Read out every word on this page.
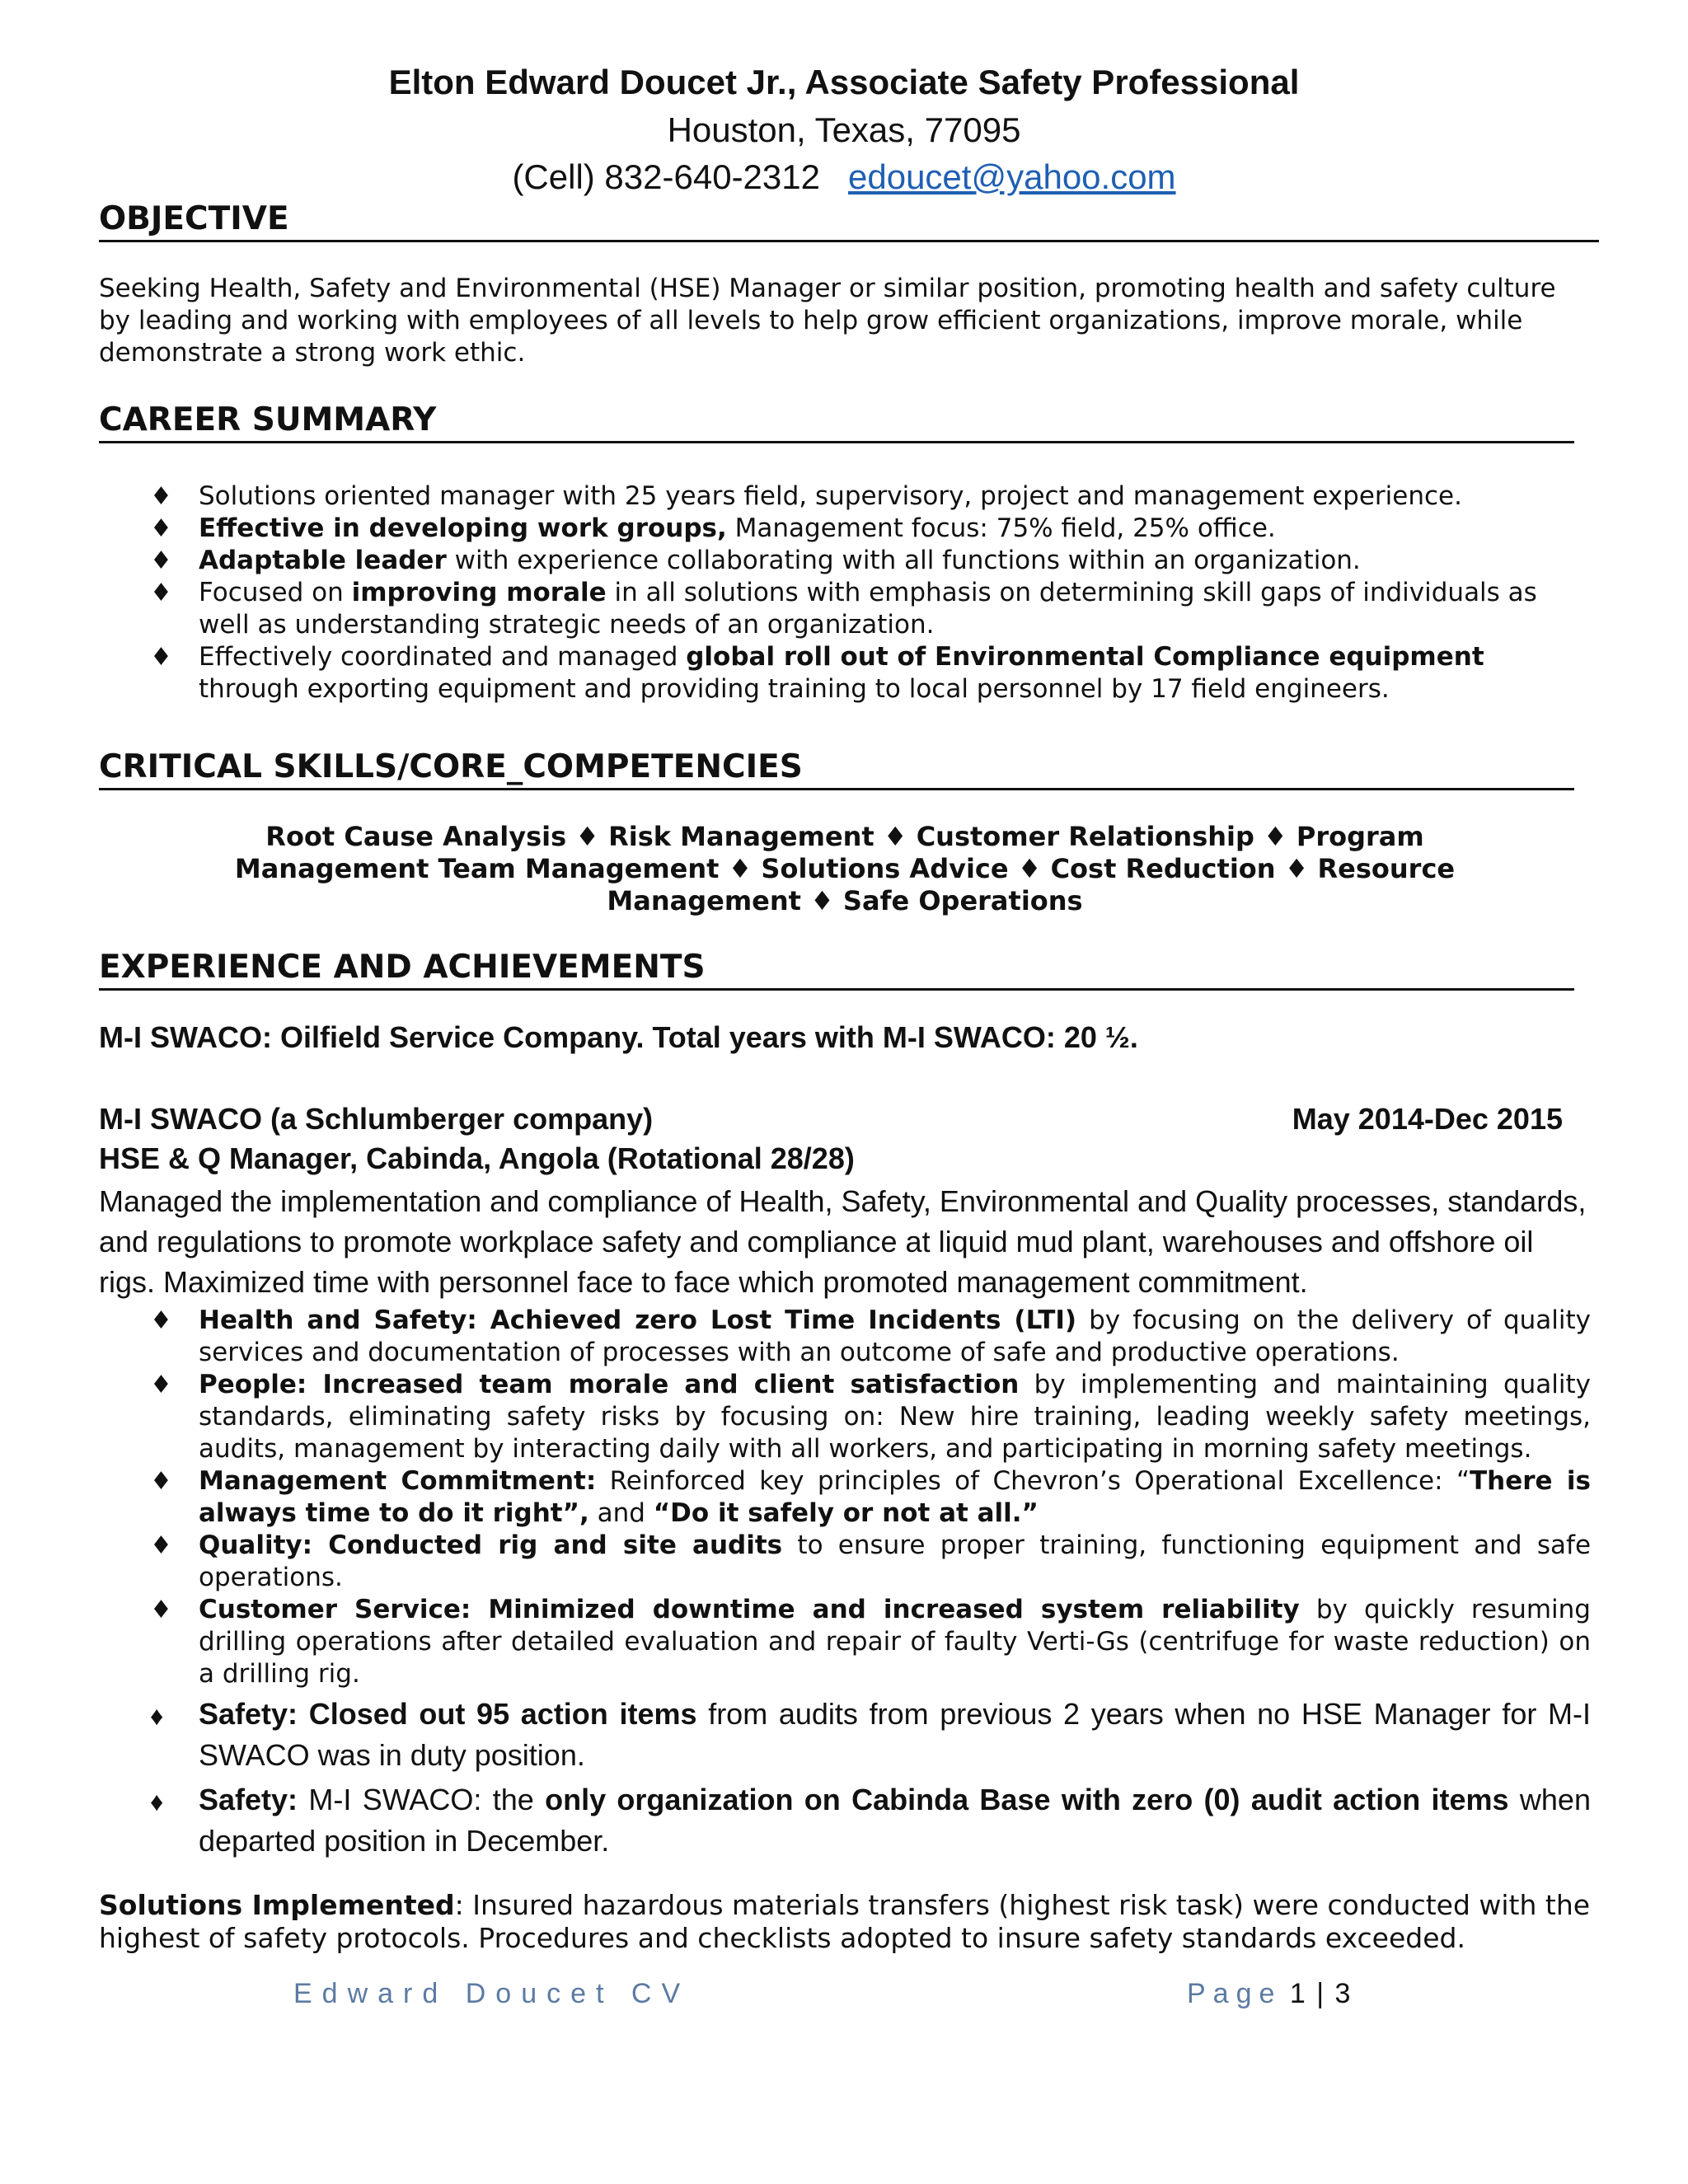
Elton Edward Doucet Jr., Associate Safety Professional
Houston, Texas, 77095
(Cell) 832-640-2312 edoucet@yahoo.com
OBJECTIVE
Seeking Health, Safety and Environmental (HSE) Manager or similar position, promoting health and safety culture by leading and working with employees of all levels to help grow efficient organizations, improve morale, while demonstrate a strong work ethic.
CAREER SUMMARY
♦ Solutions oriented manager with 25 years field, supervisory, project and management experience.
♦ Effective in developing work groups, Management focus: 75% field, 25% office.
♦ Adaptable leader with experience collaborating with all functions within an organization.
♦ Focused on improving morale in all solutions with emphasis on determining skill gaps of individuals as well as understanding strategic needs of an organization.
♦ Effectively coordinated and managed global roll out of Environmental Compliance equipment through exporting equipment and providing training to local personnel by 17 field engineers.
CRITICAL SKILLS/CORE_COMPETENCIES
Root Cause Analysis ♦ Risk Management ♦ Customer Relationship ♦ Program Management Team Management ♦ Solutions Advice ♦ Cost Reduction ♦ Resource Management ♦ Safe Operations
EXPERIENCE AND ACHIEVEMENTS
M-I SWACO: Oilfield Service Company. Total years with M-I SWACO: 20 ½.
M-I SWACO (a Schlumberger company)	May 2014-Dec 2015
HSE & Q Manager, Cabinda, Angola (Rotational 28/28)
Managed the implementation and compliance of Health, Safety, Environmental and Quality processes, standards, and regulations to promote workplace safety and compliance at liquid mud plant, warehouses and offshore oil rigs. Maximized time with personnel face to face which promoted management commitment.
♦ Health and Safety: Achieved zero Lost Time Incidents (LTI) by focusing on the delivery of quality services and documentation of processes with an outcome of safe and productive operations.
♦ People: Increased team morale and client satisfaction by implementing and maintaining quality standards, eliminating safety risks by focusing on: New hire training, leading weekly safety meetings, audits, management by interacting daily with all workers, and participating in morning safety meetings.
♦ Management Commitment: Reinforced key principles of Chevron’s Operational Excellence: “There is always time to do it right”, and “Do it safely or not at all.”
♦ Quality: Conducted rig and site audits to ensure proper training, functioning equipment and safe operations.
♦ Customer Service: Minimized downtime and increased system reliability by quickly resuming drilling operations after detailed evaluation and repair of faulty Verti-Gs (centrifuge for waste reduction) on a drilling rig.
♦ Safety: Closed out 95 action items from audits from previous 2 years when no HSE Manager for M-I SWACO was in duty position.
♦ Safety: M-I SWACO: the only organization on Cabinda Base with zero (0) audit action items when departed position in December.
Solutions Implemented: Insured hazardous materials transfers (highest risk task) were conducted with the highest of safety protocols. Procedures and checklists adopted to insure safety standards exceeded.
Edward Doucet CV	Page 1 | 3
